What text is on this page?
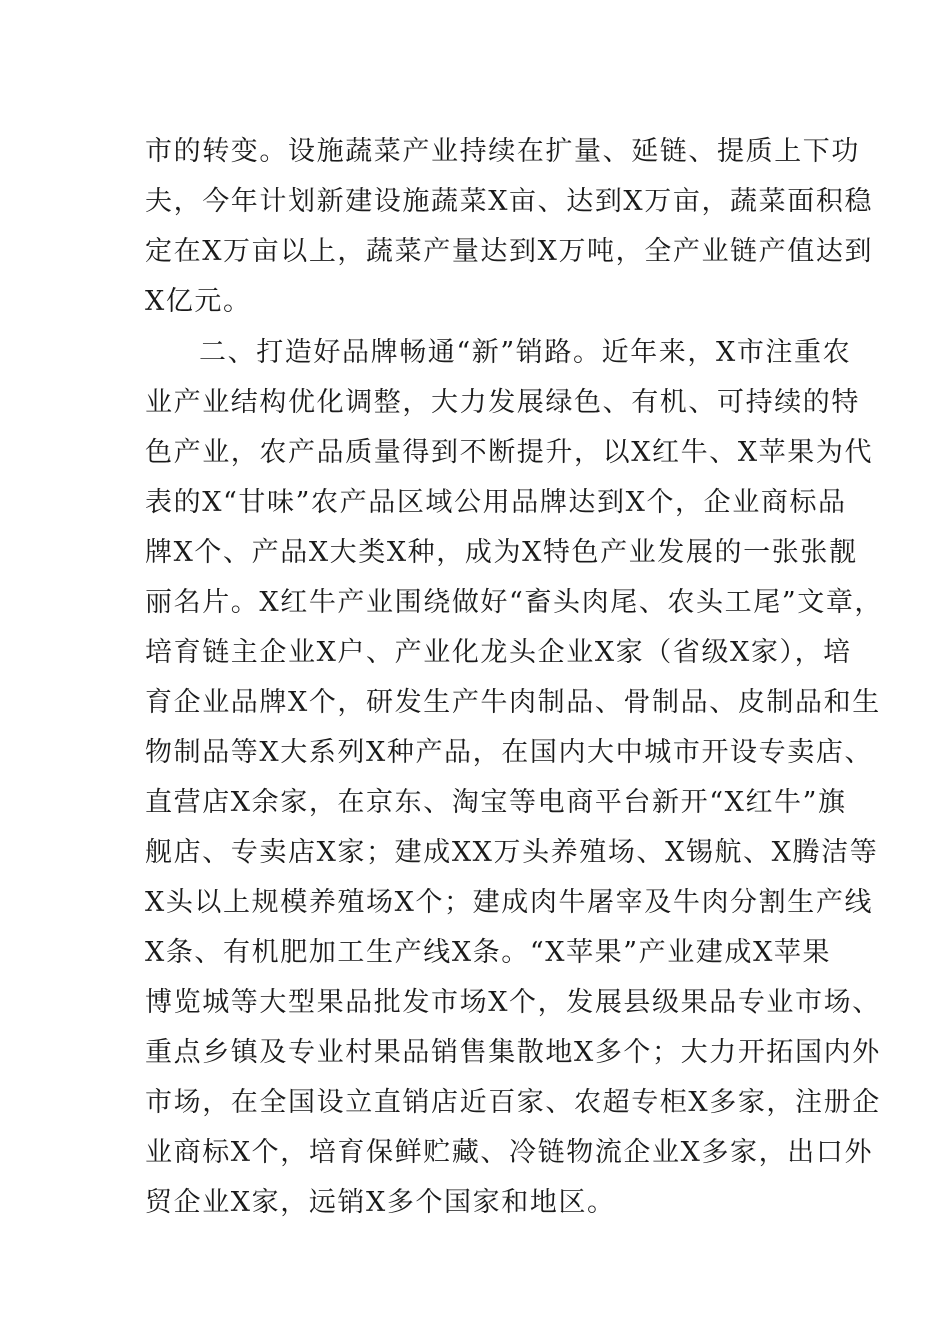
市的转变。设施蔬菜产业持续在扩量、延链、提质上下功
夫，今年计划新建设施蔬菜X亩、达到X万亩，蔬菜面积稳
定在X万亩以上，蔬菜产量达到X万吨，全产业链产值达到
X亿元。
二、打造好品牌畅通“新”销路。近年来，X市注重农
业产业结构优化调整，大力发展绿色、有机、可持续的特
色产业，农产品质量得到不断提升，以X红牛、X苹果为代
表的X“甘味”农产品区域公用品牌达到X个，企业商标品
牌X个、产品X大类X种，成为X特色产业发展的一张张靓
丽名片。X红牛产业围绕做好“畜头肉尾、农头工尾”文章，
培育链主企业X户、产业化龙头企业X家（省级X家），培
育企业品牌X个，研发生产牛肉制品、骨制品、皮制品和生
物制品等X大系列X种产品，在国内大中城市开设专卖店、
直营店X余家，在京东、淘宝等电商平台新开“X红牛”旗
舰店、专卖店X家；建成XX万头养殖场、X锡航、X腾洁等
X头以上规模养殖场X个；建成肉牛屠宰及牛肉分割生产线
X条、有机肥加工生产线X条。“X苹果”产业建成X苹果
博览城等大型果品批发市场X个，发展县级果品专业市场、
重点乡镇及专业村果品销售集散地X多个；大力开拓国内外
市场，在全国设立直销店近百家、农超专柜X多家，注册企
业商标X个，培育保鲜贮藏、冷链物流企业X多家，出口外
贸企业X家，远销X多个国家和地区。
